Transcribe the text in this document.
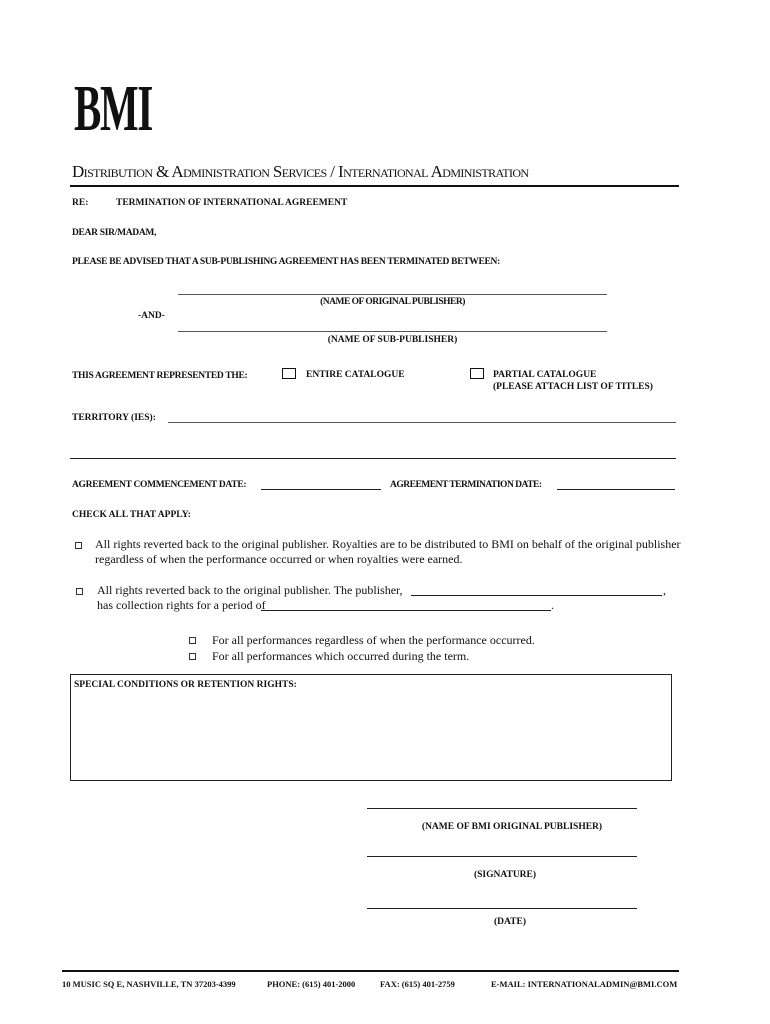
BMI
Distribution & Administration Services / International Administration
RE:	TERMINATION OF INTERNATIONAL AGREEMENT
DEAR SIR/MADAM,
PLEASE BE ADVISED THAT A SUB-PUBLISHING AGREEMENT HAS BEEN TERMINATED BETWEEN:
(NAME OF ORIGINAL PUBLISHER)
-AND-
(NAME OF SUB-PUBLISHER)
THIS AGREEMENT REPRESENTED THE:	ENTIRE CATALOGUE	PARTIAL CATALOGUE
(PLEASE ATTACH LIST OF TITLES)
TERRITORY (IES):
AGREEMENT COMMENCEMENT DATE:	AGREEMENT TERMINATION DATE:
CHECK ALL THAT APPLY:
All rights reverted back to the original publisher. Royalties are to be distributed to BMI on behalf of the original publisher
regardless of when the performance occurred or when royalties were earned.
All rights reverted back to the original publisher. The publisher,	,
has collection rights for a period of	.
For all performances regardless of when the performance occurred.
For all performances which occurred during the term.
SPECIAL CONDITIONS OR RETENTION RIGHTS:
(NAME OF BMI ORIGINAL PUBLISHER)
(SIGNATURE)
(DATE)
10 MUSIC SQ E, NASHVILLE, TN 37203-4399	PHONE: (615) 401-2000	FAX: (615) 401-2759	E-MAIL: INTERNATIONALADMIN@BMI.COM
